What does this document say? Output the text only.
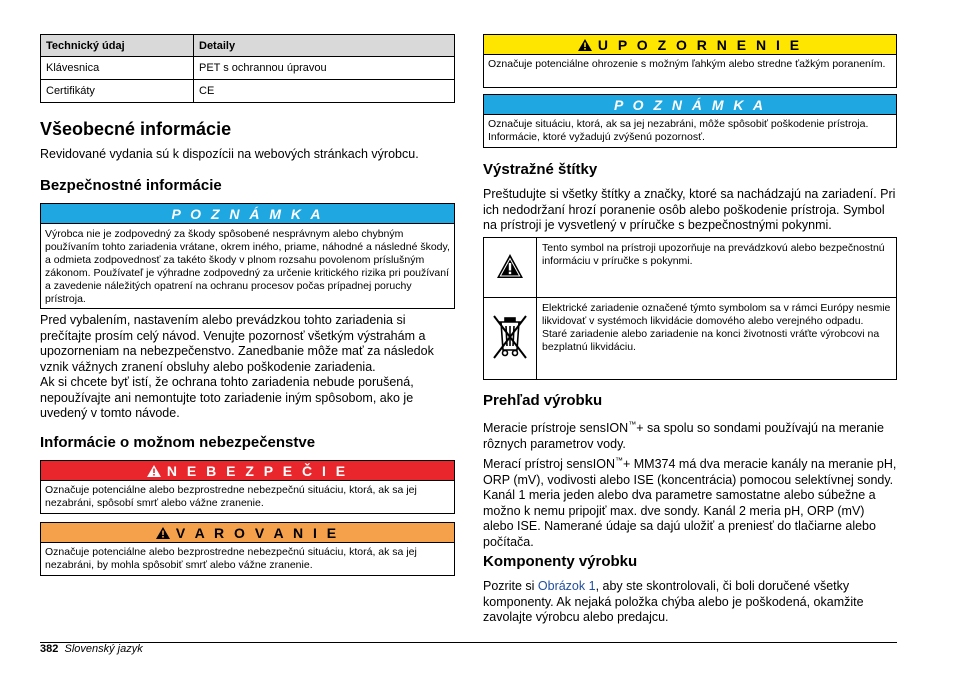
Technický údaj	Detaily
Klávesnica	PET s ochrannou úpravou
Certifikáty	CE
Všeobecné informácie

Revidované vydania sú k dispozícii na webových stránkach výrobcu.

Bezpečnostné informácie
P O Z N Á M K A
Výrobca nie je zodpovedný za škody spôsobené nesprávnym alebo chybným používaním tohto zariadenia vrátane, okrem iného, priame, náhodné a následné škody, a odmieta zodpovednosť za takéto škody v plnom rozsahu povolenom príslušným zákonom. Používateľ je výhradne zodpovedný za určenie kritického rizika pri používaní a zavedenie náležitých opatrení na ochranu procesov počas prípadnej poruchy prístroja.

Pred vybalením, nastavením alebo prevádzkou tohto zariadenia si prečítajte prosím celý návod. Venujte pozornosť všetkým výstrahám a upozorneniam na nebezpečenstvo. Zanedbanie môže mať za následok vznik vážnych zranení obsluhy alebo poškodenie zariadenia.

Ak si chcete byť istí, že ochrana tohto zariadenia nebude porušená, nepoužívajte ani nemontujte toto zariadenie iným spôsobom, ako je uvedený v tomto návode.

Informácie o možnom nebezpečenstve
N E B E Z P E Č I E
Označuje potenciálne alebo bezprostredne nebezpečnú situáciu, ktorá, ak sa jej nezabráni, spôsobí smrť alebo vážne zranenie.
V A R O V A N I E
Označuje potenciálne alebo bezprostredne nebezpečnú situáciu, ktorá, ak sa jej nezabráni, by mohla spôsobiť smrť alebo vážne zranenie.
U P O Z O R N E N I E
Označuje potenciálne ohrozenie s možným ľahkým alebo stredne ťažkým poranením.
P O Z N Á M K A
Označuje situáciu, ktorá, ak sa jej nezabráni, môže spôsobiť poškodenie prístroja. Informácie, ktoré vyžadujú zvýšenú pozornosť.
Výstražné štítky

Preštudujte si všetky štítky a značky, ktoré sa nachádzajú na zariadení. Pri ich nedodržaní hrozí poranenie osôb alebo poškodenie prístroja. Symbol na prístroji je vysvetlený v príručke s bezpečnostnými pokynmi.

	Tento symbol na prístroji upozorňuje na prevádzkovú alebo bezpečnostnú informáciu v príručke s pokynmi.
	Elektrické zariadenie označené týmto symbolom sa v rámci Európy nesmie likvidovať v systémoch likvidácie domového alebo verejného odpadu. Staré zariadenie alebo zariadenie na konci životnosti vráťte výrobcovi na bezplatnú likvidáciu.
Prehľad výrobku

Meracie prístroje sensION™+ sa spolu so sondami používajú na meranie rôznych parametrov vody.

Merací prístroj sensION™+ MM374 má dva meracie kanály na meranie pH, ORP (mV), vodivosti alebo ISE (koncentrácia) pomocou selektívnej sondy. Kanál 1 meria jeden alebo dva parametre samostatne alebo súbežne a možno k nemu pripojiť max. dve sondy. Kanál 2 meria pH, ORP (mV) alebo ISE. Namerané údaje sa dajú uložiť a preniesť do tlačiarne alebo počítača.

Komponenty výrobku

Pozrite si Obrázok 1, aby ste skontrolovali, či boli doručené všetky komponenty. Ak nejaká položka chýba alebo je poškodená, okamžite zavolajte výrobcu alebo predajcu.

382 Slovenský jazyk
